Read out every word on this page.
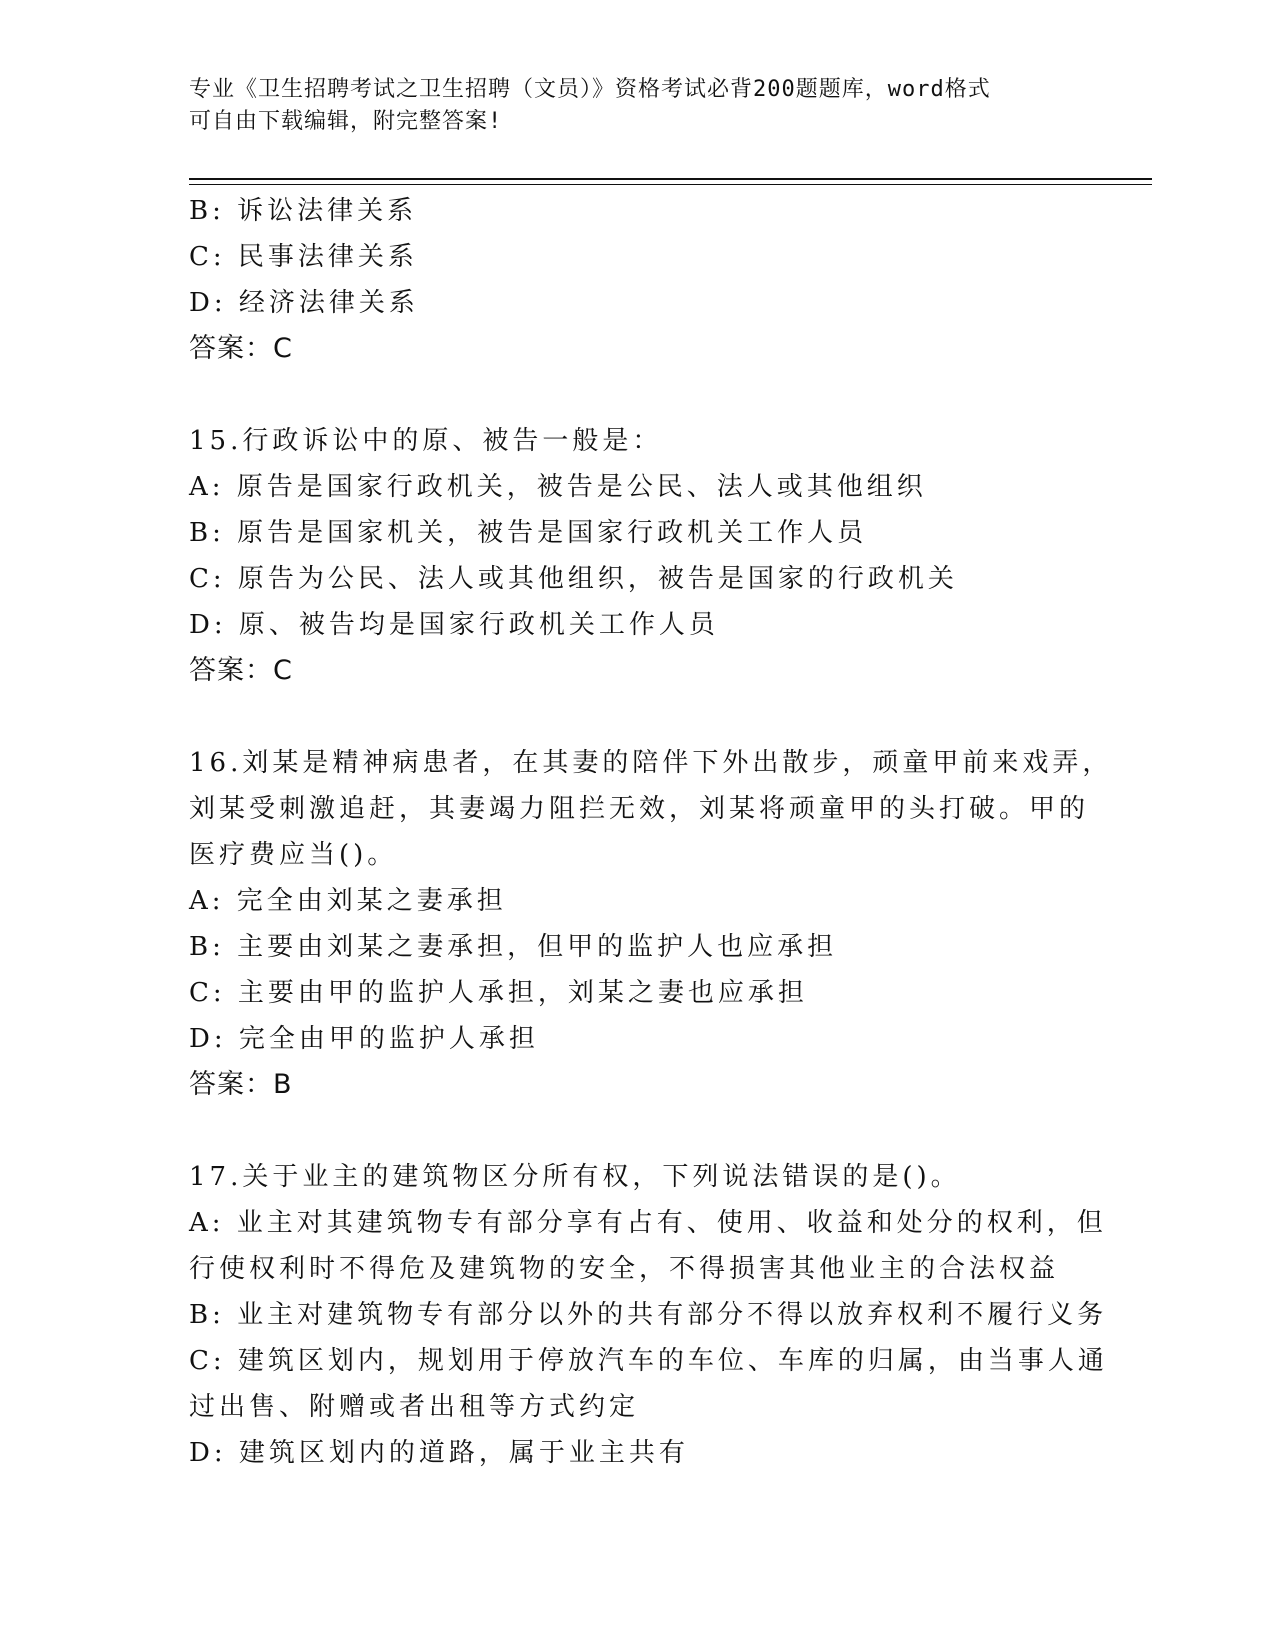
专业《卫生招聘考试之卫生招聘（文员）》资格考试必背200题题库，word格式
可自由下载编辑，附完整答案!
B: 诉讼法律关系
C: 民事法律关系
D: 经济法律关系
答案：C
15.行政诉讼中的原、被告一般是：
A: 原告是国家行政机关，被告是公民、法人或其他组织
B: 原告是国家机关，被告是国家行政机关工作人员
C: 原告为公民、法人或其他组织，被告是国家的行政机关
D: 原、被告均是国家行政机关工作人员
答案：C
16.刘某是精神病患者，在其妻的陪伴下外出散步，顽童甲前来戏弄，
刘某受刺激追赶，其妻竭力阻拦无效，刘某将顽童甲的头打破。甲的
医疗费应当()。
A: 完全由刘某之妻承担
B: 主要由刘某之妻承担，但甲的监护人也应承担
C: 主要由甲的监护人承担，刘某之妻也应承担
D: 完全由甲的监护人承担
答案：B
17.关于业主的建筑物区分所有权，下列说法错误的是()。
A: 业主对其建筑物专有部分享有占有、使用、收益和处分的权利，但
行使权利时不得危及建筑物的安全，不得损害其他业主的合法权益
B: 业主对建筑物专有部分以外的共有部分不得以放弃权利不履行义务
C: 建筑区划内，规划用于停放汽车的车位、车库的归属，由当事人通
过出售、附赠或者出租等方式约定
D: 建筑区划内的道路，属于业主共有
